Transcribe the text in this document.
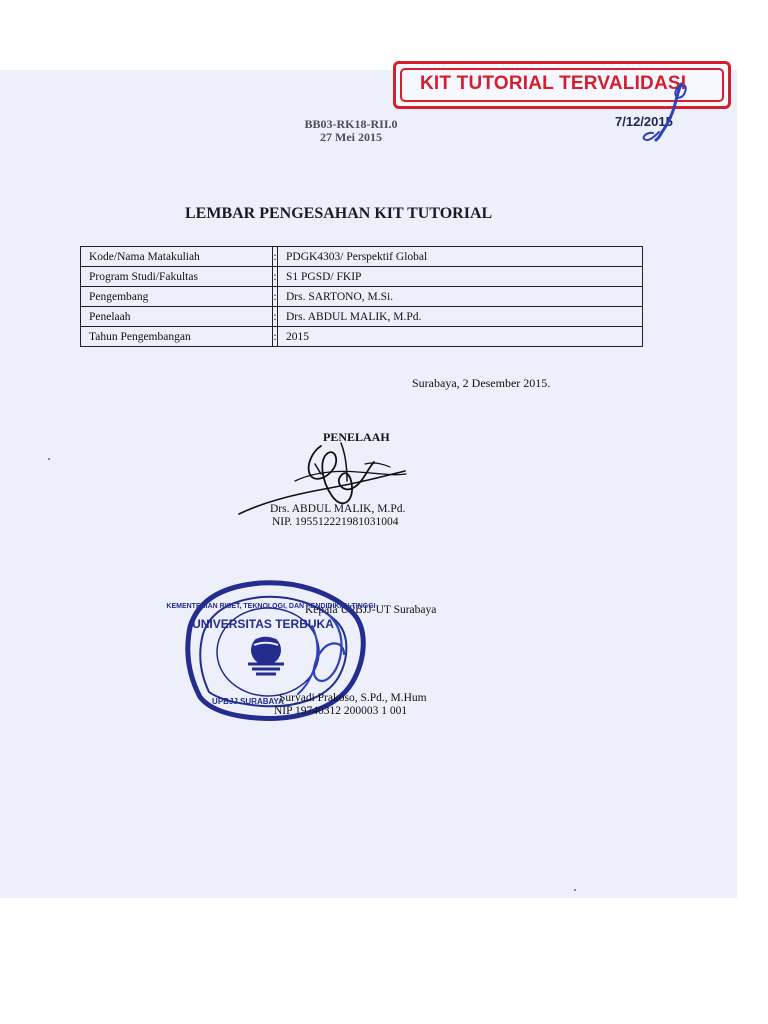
KIT TUTORIAL TERVALIDASI
7/12/2015
BB03-RK18-RII.0
27 Mei 2015
LEMBAR PENGESAHAN KIT TUTORIAL
Kode/Nama Matakuliah	:	PDGK4303/ Perspektif Global
Program Studi/Fakultas	:	S1 PGSD/ FKIP
Pengembang	:	Drs. SARTONO, M.Si.
Penelaah	:	Drs. ABDUL MALIK, M.Pd.
Tahun Pengembangan	:	2015
Surabaya, 2 Desember 2015.
PENELAAH
Drs. ABDUL MALIK, M.Pd.
NIP. 195512221981031004
Kepala UPBJJ-UT Surabaya
UNIVERSITAS TERBUKA
KEMENTERIAN RISET, TEKNOLOGI, DAN PENDIDIKAN TINGGI
UPBJJ SURABAYA
Suryadi Prakoso, S.Pd., M.Hum
NIP 19740312 200003 1 001
